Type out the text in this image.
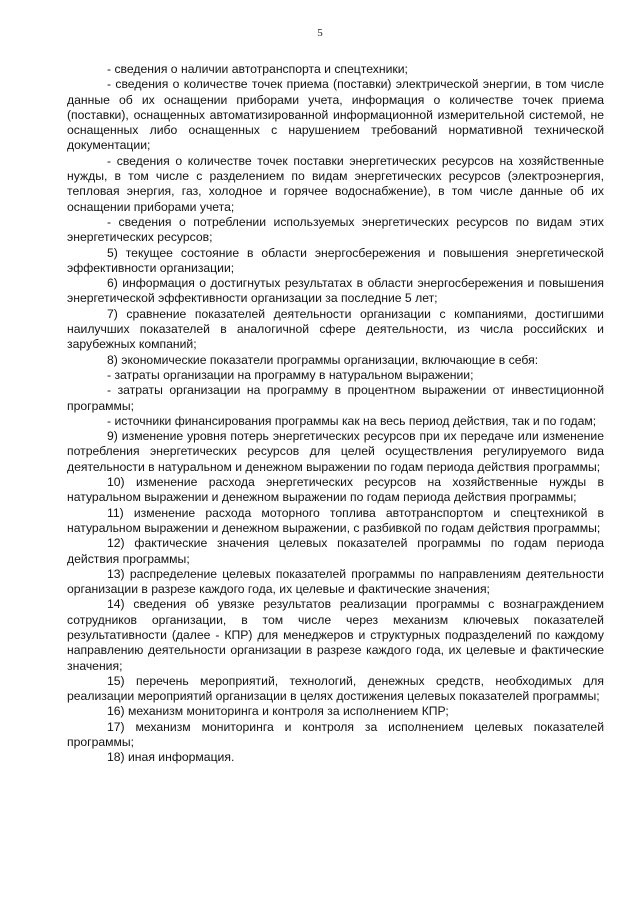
5

- сведения о наличии автотранспорта и спецтехники;

- сведения о количестве точек приема (поставки) электрической энергии, в том числе данные об их оснащении приборами учета, информация о количестве точек приема (поставки), оснащенных автоматизированной информационной измерительной системой, не оснащенных либо оснащенных с нарушением требований нормативной технической документации;

- сведения о количестве точек поставки энергетических ресурсов на хозяйственные нужды, в том числе с разделением по видам энергетических ресурсов (электроэнергия, тепловая энергия, газ, холодное и горячее водоснабжение), в том числе данные об их оснащении приборами учета;

- сведения о потреблении используемых энергетических ресурсов по видам этих энергетических ресурсов;

5) текущее состояние в области энергосбережения и повышения энергетической эффективности организации;

6) информация о достигнутых результатах в области энергосбережения и повышения энергетической эффективности организации за последние 5 лет;

7) сравнение показателей деятельности организации с компаниями, достигшими наилучших показателей в аналогичной сфере деятельности, из числа российских и зарубежных компаний;

8) экономические показатели программы организации, включающие в себя:

- затраты организации на программу в натуральном выражении;

- затраты организации на программу в процентном выражении от инвестиционной программы;

- источники финансирования программы как на весь период действия, так и по годам;

9) изменение уровня потерь энергетических ресурсов при их передаче или изменение потребления энергетических ресурсов для целей осуществления регулируемого вида деятельности в натуральном и денежном выражении по годам периода действия программы;

10) изменение расхода энергетических ресурсов на хозяйственные нужды в натуральном выражении и денежном выражении по годам периода действия программы;

11) изменение расхода моторного топлива автотранспортом и спецтехникой в натуральном выражении и денежном выражении, с разбивкой по годам действия программы;

12) фактические значения целевых показателей программы по годам периода действия программы;

13) распределение целевых показателей программы по направлениям деятельности организации в разрезе каждого года, их целевые и фактические значения;

14) сведения об увязке результатов реализации программы с вознаграждением сотрудников организации, в том числе через механизм ключевых показателей результативности (далее - КПР) для менеджеров и структурных подразделений по каждому направлению деятельности организации в разрезе каждого года, их целевые и фактические значения;

15) перечень мероприятий, технологий, денежных средств, необходимых для реализации мероприятий организации в целях достижения целевых показателей программы;

16) механизм мониторинга и контроля за исполнением КПР;

17) механизм мониторинга и контроля за исполнением целевых показателей программы;

18) иная информация.
